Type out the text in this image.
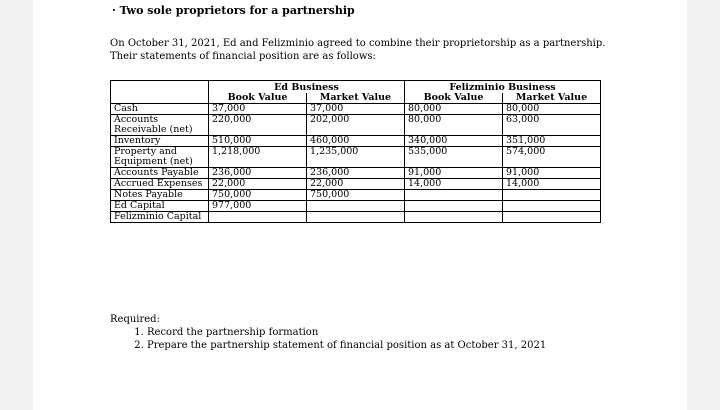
· Two sole proprietors for a partnership

On October 31, 2021, Ed and Felizminio agreed to combine their proprietorship as a partnership.

Their statements of financial position are as follows:

	Ed Business		Felizminio Business	
	Book Value	Market Value	Book Value	Market Value
Cash	37,000	37,000	80,000	80,000
Accounts Receivable (net)	220,000	202,000	80,000	63,000
Inventory	510,000	460,000	340,000	351,000
Property and Equipment (net)	1,218,000	1,235,000	535,000	574,000
Accounts Payable	236,000	236,000	91,000	91,000
Accrued Expenses	22,000	22,000	14,000	14,000
Notes Payable	750,000	750,000		
Ed Capital	977,000			
Felizminio Capital				
Required:
1. Record the partnership formation
2. Prepare the partnership statement of financial position as at October 31, 2021
